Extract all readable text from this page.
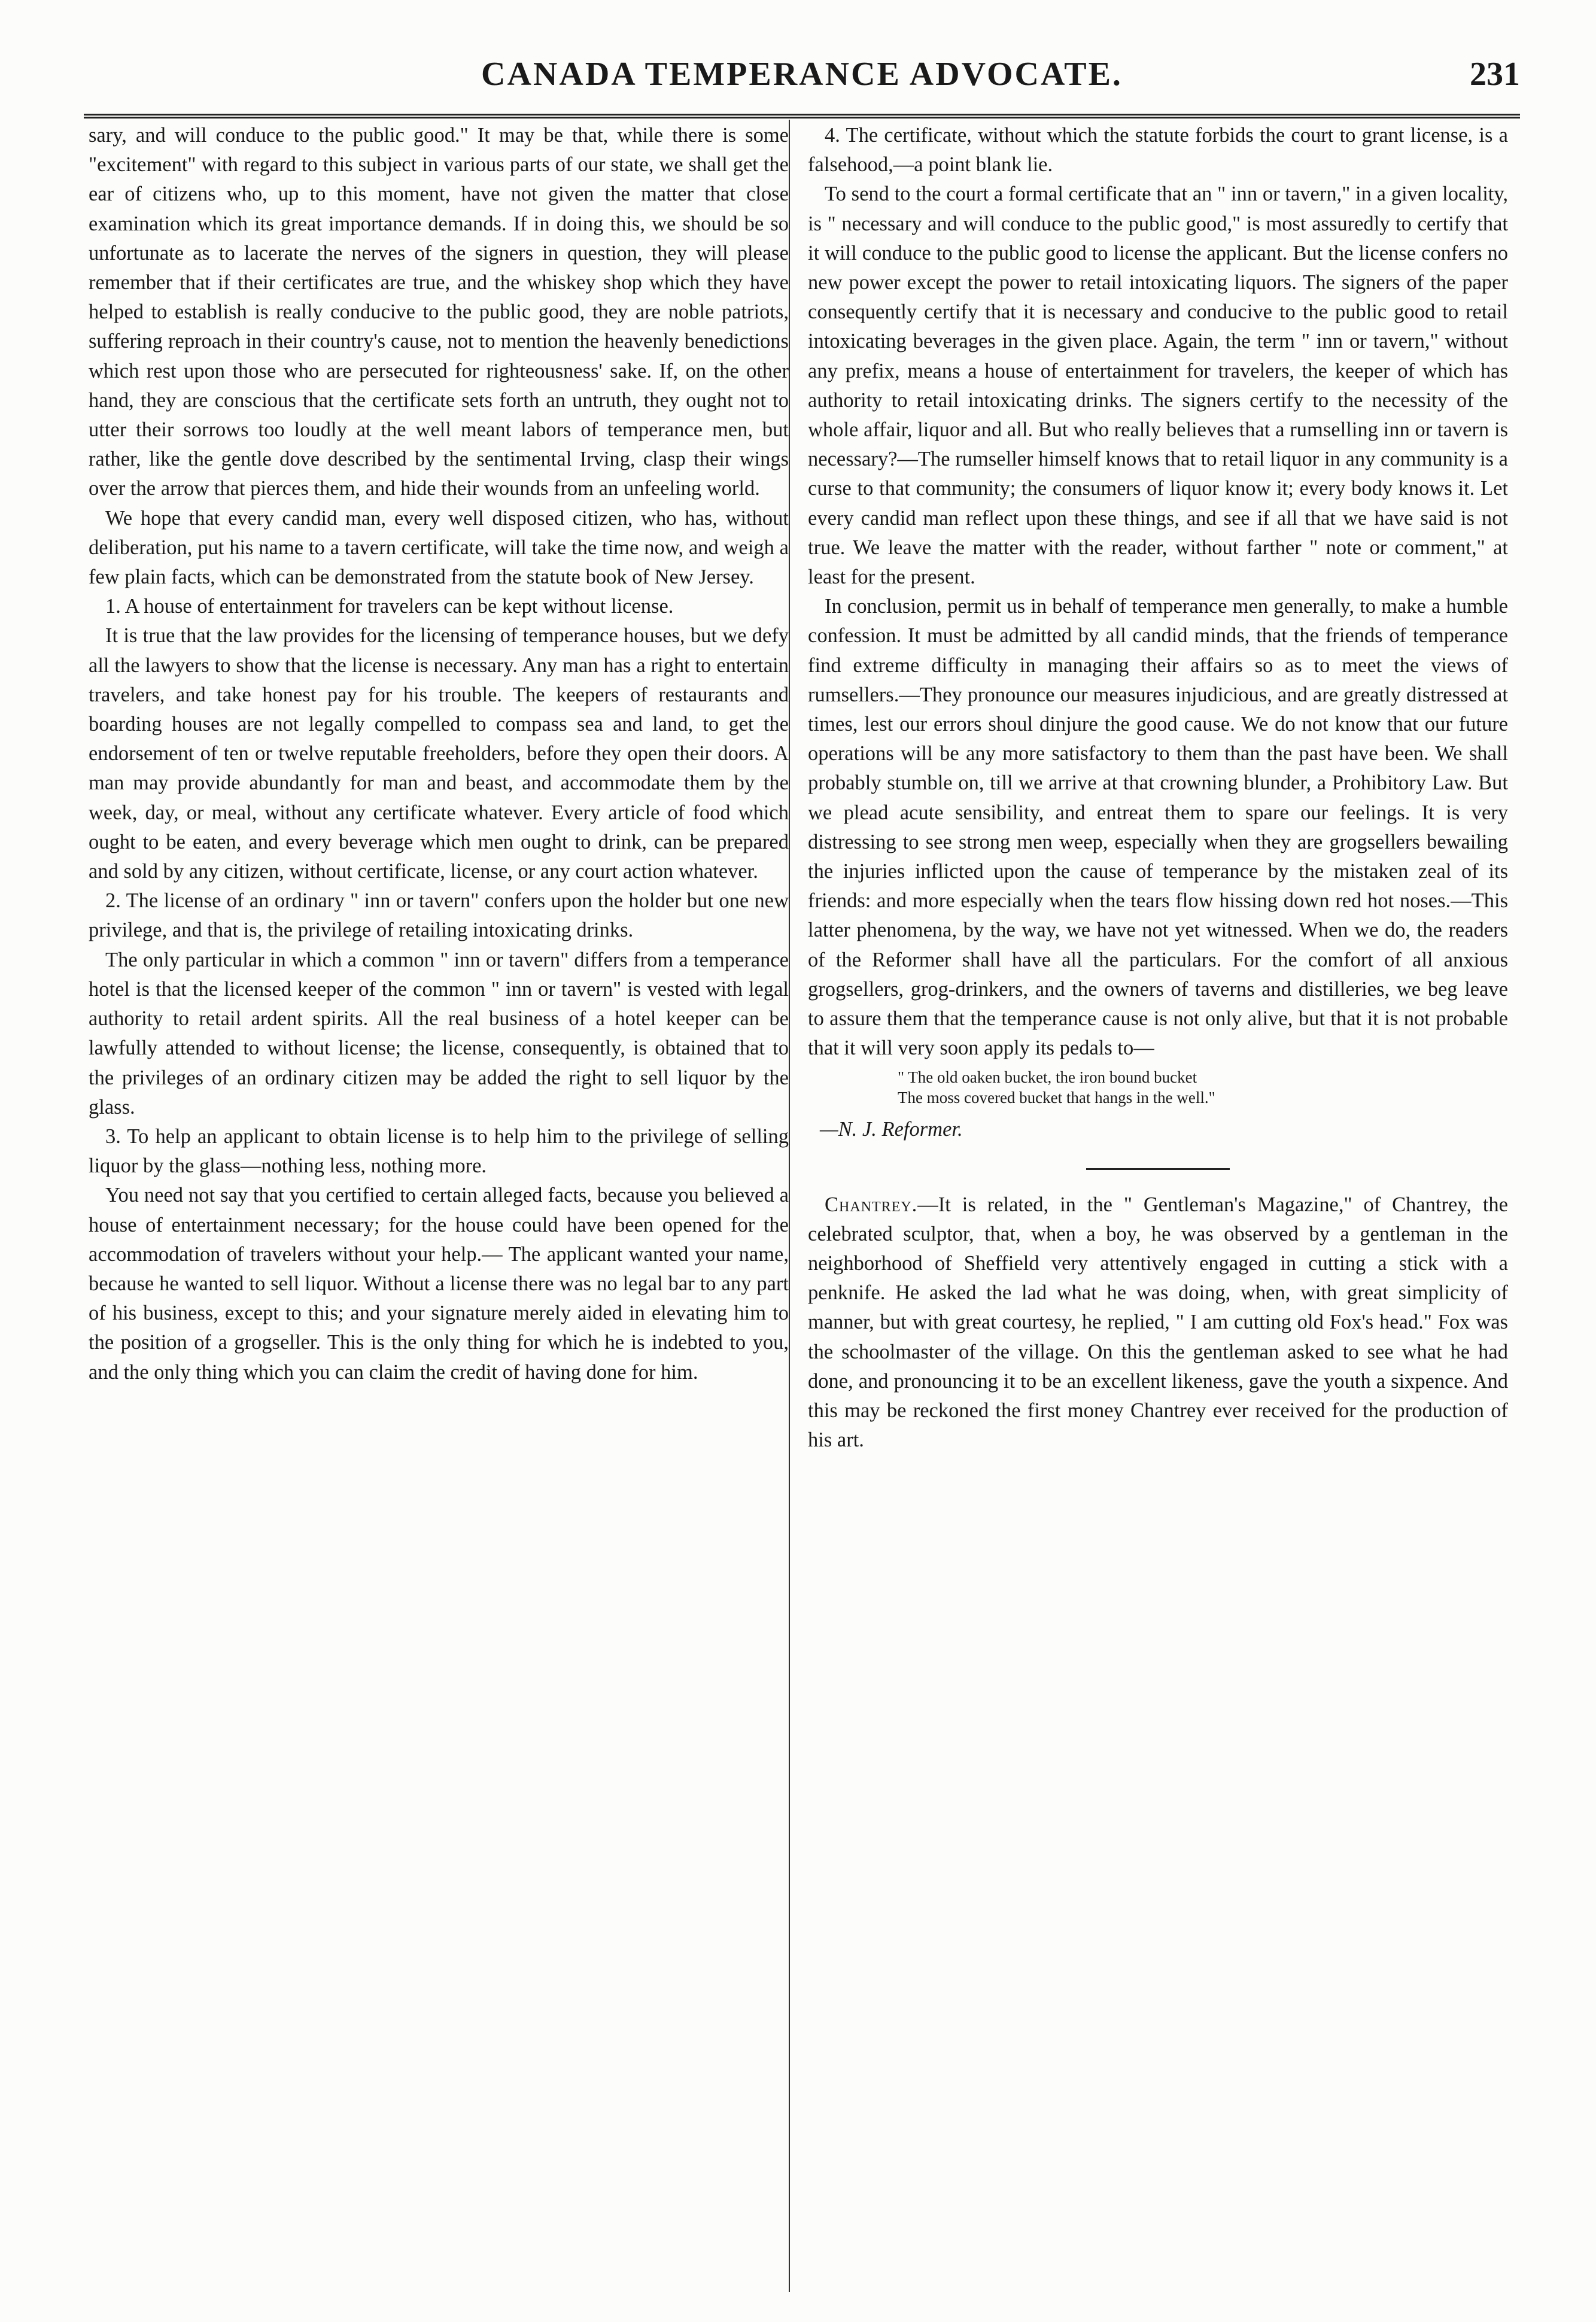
CANADA TEMPERANCE ADVOCATE.	231

sary, and will conduce to the public good." It may be that, while there is some "excitement" with regard to this subject in various parts of our state, we shall get the ear of citizens who, up to this moment, have not given the matter that close examination which its great importance demands. If in doing this, we should be so unfortunate as to lacerate the nerves of the signers in question, they will please remember that if their certificates are true, and the whiskey shop which they have helped to establish is really conducive to the public good, they are noble patriots, suffering reproach in their country's cause, not to mention the heavenly benedictions which rest upon those who are persecuted for righteousness' sake. If, on the other hand, they are conscious that the certificate sets forth an untruth, they ought not to utter their sorrows too loudly at the well meant labors of temperance men, but rather, like the gentle dove described by the sentimental Irving, clasp their wings over the arrow that pierces them, and hide their wounds from an unfeeling world.

We hope that every candid man, every well disposed citizen, who has, without deliberation, put his name to a tavern certificate, will take the time now, and weigh a few plain facts, which can be demonstrated from the statute book of New Jersey.

1. A house of entertainment for travelers can be kept without license.

It is true that the law provides for the licensing of temperance houses, but we defy all the lawyers to show that the license is necessary. Any man has a right to entertain travelers, and take honest pay for his trouble. The keepers of restaurants and boarding houses are not legally compelled to compass sea and land, to get the endorsement of ten or twelve reputable freeholders, before they open their doors. A man may provide abundantly for man and beast, and accommodate them by the week, day, or meal, without any certificate whatever. Every article of food which ought to be eaten, and every beverage which men ought to drink, can be prepared and sold by any citizen, without certificate, license, or any court action whatever.

2. The license of an ordinary " inn or tavern" confers upon the holder but one new privilege, and that is, the privilege of retailing intoxicating drinks.

The only particular in which a common " inn or tavern" differs from a temperance hotel is that the licensed keeper of the common " inn or tavern" is vested with legal authority to retail ardent spirits. All the real business of a hotel keeper can be lawfully attended to without license; the license, consequently, is obtained that to the privileges of an ordinary citizen may be added the right to sell liquor by the glass.

3. To help an applicant to obtain license is to help him to the privilege of selling liquor by the glass—nothing less, nothing more.

You need not say that you certified to certain alleged facts, because you believed a house of entertainment necessary; for the house could have been opened for the accommodation of travelers without your help.— The applicant wanted your name, because he wanted to sell liquor. Without a license there was no legal bar to any part of his business, except to this; and your signature merely aided in elevating him to the position of a grogseller. This is the only thing for which he is indebted to you, and the only thing which you can claim the credit of having done for him.

4. The certificate, without which the statute forbids the court to grant license, is a falsehood,—a point blank lie.

To send to the court a formal certificate that an " inn or tavern," in a given locality, is " necessary and will conduce to the public good," is most assuredly to certify that it will conduce to the public good to license the applicant. But the license confers no new power except the power to retail intoxicating liquors. The signers of the paper consequently certify that it is necessary and conducive to the public good to retail intoxicating beverages in the given place. Again, the term " inn or tavern," without any prefix, means a house of entertainment for travelers, the keeper of which has authority to retail intoxicating drinks. The signers certify to the necessity of the whole affair, liquor and all. But who really believes that a rumselling inn or tavern is necessary?—The rumseller himself knows that to retail liquor in any community is a curse to that community; the consumers of liquor know it; every body knows it. Let every candid man reflect upon these things, and see if all that we have said is not true. We leave the matter with the reader, without farther " note or comment," at least for the present.

In conclusion, permit us in behalf of temperance men generally, to make a humble confession. It must be admitted by all candid minds, that the friends of temperance find extreme difficulty in managing their affairs so as to meet the views of rumsellers.—They pronounce our measures injudicious, and are greatly distressed at times, lest our errors shoul dinjure the good cause. We do not know that our future operations will be any more satisfactory to them than the past have been. We shall probably stumble on, till we arrive at that crowning blunder, a Prohibitory Law. But we plead acute sensibility, and entreat them to spare our feelings. It is very distressing to see strong men weep, especially when they are grogsellers bewailing the injuries inflicted upon the cause of temperance by the mistaken zeal of its friends: and more especially when the tears flow hissing down red hot noses.—This latter phenomena, by the way, we have not yet witnessed. When we do, the readers of the Reformer shall have all the particulars. For the comfort of all anxious grogsellers, grog-drinkers, and the owners of taverns and distilleries, we beg leave to assure them that the temperance cause is not only alive, but that it is not probable that it will very soon apply its pedals to—

" The old oaken bucket, the iron bound bucket
The moss covered bucket that hangs in the well."
—N. J. Reformer.

Chantrey.—It is related, in the " Gentleman's Magazine," of Chantrey, the celebrated sculptor, that, when a boy, he was observed by a gentleman in the neighborhood of Sheffield very attentively engaged in cutting a stick with a penknife. He asked the lad what he was doing, when, with great simplicity of manner, but with great courtesy, he replied, " I am cutting old Fox's head." Fox was the schoolmaster of the village. On this the gentleman asked to see what he had done, and pronouncing it to be an excellent likeness, gave the youth a sixpence. And this may be reckoned the first money Chantrey ever received for the production of his art.
